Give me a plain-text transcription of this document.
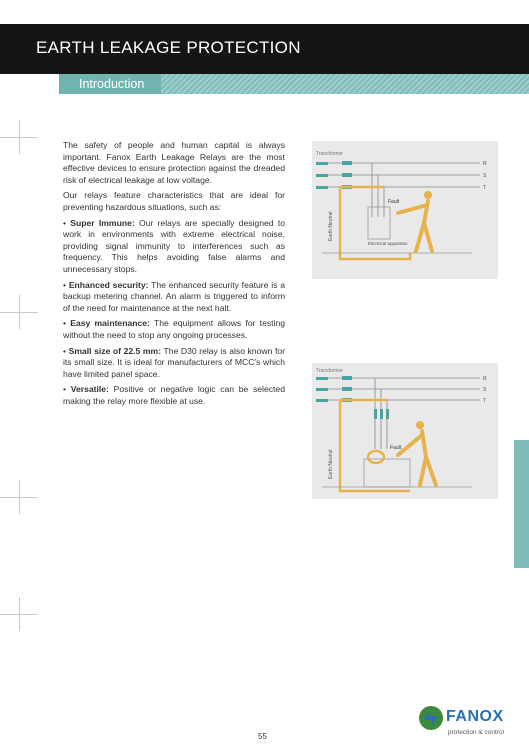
EARTH LEAKAGE PROTECTION
Introduction

The safety of people and human capital is always important. Fanox Earth Leakage Relays are the most effective devices to ensure protection against the dreaded risk of electrical leakage at low voltage.

Our relays feature characteristics that are ideal for preventing hazardous situations, such as:

• Super Immune: Our relays are specially designed to work in environments with extreme electrical noise, providing signal immunity to interferences such as frequency. This helps avoiding false alarms and unnecessary stops.
• Enhanced security: The enhanced security feature is a backup metering channel. An alarm is triggered to inform of the need for maintenance at the next halt.
• Easy maintenance: The equipment allows for testing without the need to stop any ongoing processes.
• Small size of 22.5 mm: The D30 relay is also known for its small size. It is ideal for manufacturers of MCC's which have limited panel space.
• Versatile: Positive or negative logic can be selected making the relay more flexible at use.
Transformer
R
S
T
Fault
Electrical apparatus
Earth Neutral
Transformer
R
S
T
Fault
Earth Neutral
FANOX
protection & control
55
